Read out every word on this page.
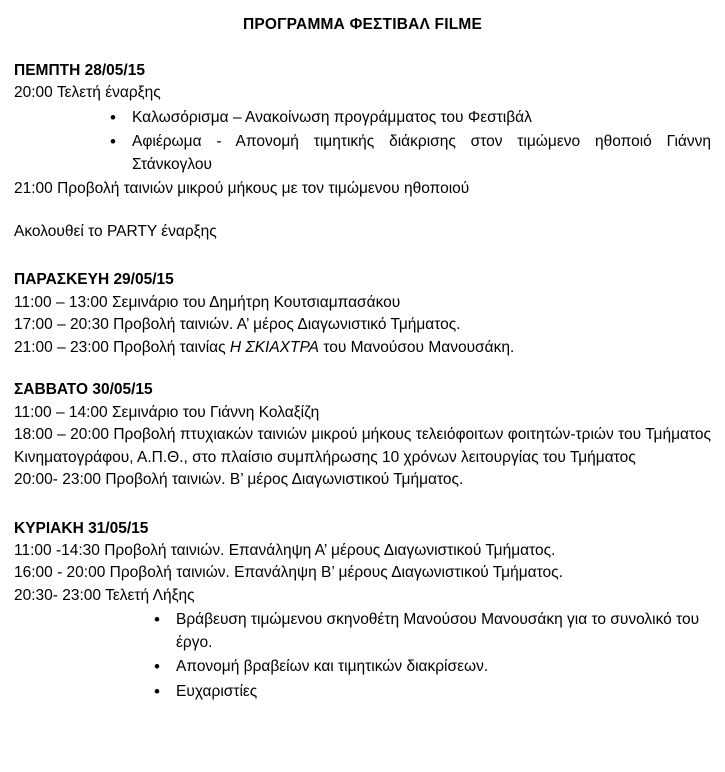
ΠΡΟΓΡΑΜΜΑ ΦΕΣΤΙΒΑΛ FILME

ΠΕΜΠΤΗ 28/05/15

20:00 Τελετή έναρξης

• Καλωσόρισμα – Ανακοίνωση προγράμματος του Φεστιβάλ
• Αφιέρωμα - Απονομή τιμητικής διάκρισης στον τιμώμενο ηθοποιό Γιάννη Στάνκογλου

21:00 Προβολή ταινιών μικρού μήκους με τον τιμώμενου ηθοποιού

Ακολουθεί το PARTY έναρξης

ΠΑΡΑΣΚΕΥΗ 29/05/15

11:00 – 13:00 Σεμινάριο του Δημήτρη Κουτσιαμπασάκου

17:00 – 20:30 Προβολή ταινιών. Α’ μέρος Διαγωνιστικό Τμήματος.

21:00 – 23:00 Προβολή ταινίας Η ΣΚΙΑΧΤΡΑ του Μανούσου Μανουσάκη.

ΣΑΒΒΑΤΟ 30/05/15

11:00 – 14:00 Σεμινάριο του Γιάννη Κολαξίζη

18:00 – 20:00 Προβολή πτυχιακών ταινιών μικρού μήκους τελειόφοιτων φοιτητών-τριών του Τμήματος Κινηματογράφου, Α.Π.Θ., στο πλαίσιο συμπλήρωσης 10 χρόνων λειτουργίας του Τμήματος

20:00- 23:00 Προβολή ταινιών. Β’ μέρος Διαγωνιστικού Τμήματος.

ΚΥΡΙΑΚΗ 31/05/15

11:00 -14:30 Προβολή ταινιών. Επανάληψη Α’ μέρους Διαγωνιστικού Τμήματος.

16:00 - 20:00 Προβολή ταινιών. Επανάληψη Β’ μέρους Διαγωνιστικού Τμήματος.

20:30- 23:00 Τελετή Λήξης

• Βράβευση τιμώμενου σκηνοθέτη Μανούσου Μανουσάκη για το συνολικό του έργο.
• Απονομή βραβείων και τιμητικών διακρίσεων.
• Ευχαριστίες
